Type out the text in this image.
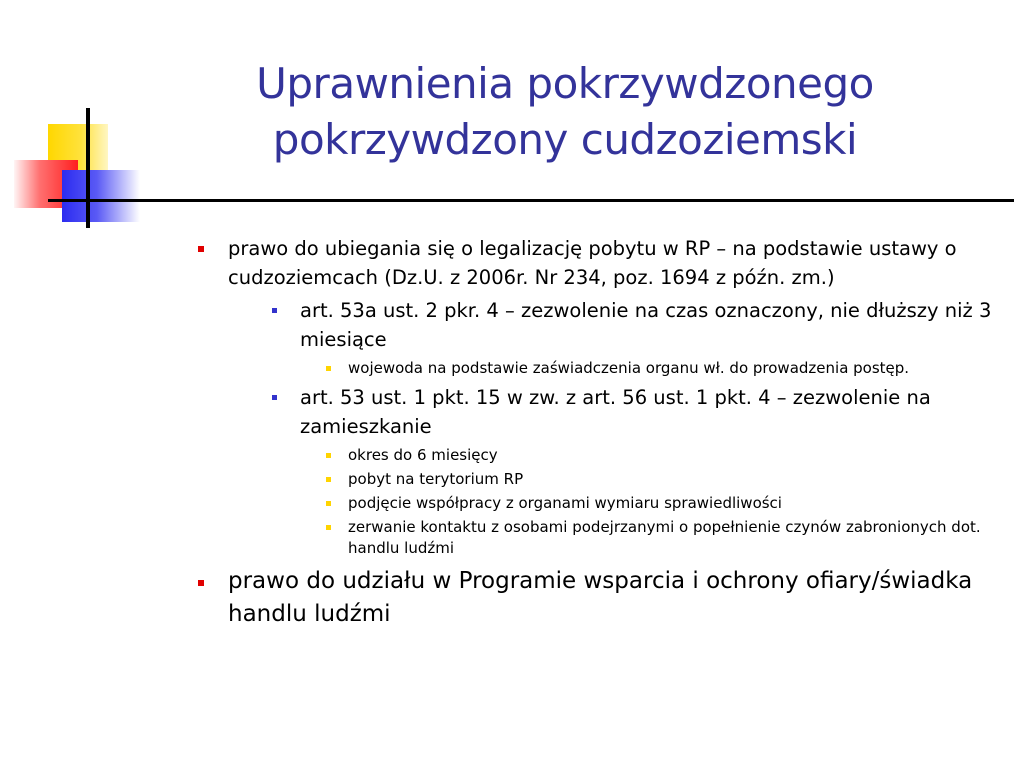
Uprawnienia pokrzywdzonego
pokrzywdzony cudzoziemski
prawo do ubiegania się o legalizację pobytu w RP – na podstawie ustawy o cudzoziemcach (Dz.U. z 2006r. Nr 234, poz. 1694 z późn. zm.)
art. 53a ust. 2 pkr. 4 – zezwolenie na czas oznaczony, nie dłuższy niż 3 miesiące
wojewoda na podstawie zaświadczenia organu wł. do prowadzenia postęp.
art. 53 ust. 1 pkt. 15 w zw. z art. 56 ust. 1 pkt. 4 – zezwolenie na zamieszkanie
okres do 6 miesięcy
pobyt na terytorium RP
podjęcie współpracy z organami wymiaru sprawiedliwości
zerwanie kontaktu z osobami podejrzanymi o popełnienie czynów zabronionych dot. handlu ludźmi
prawo do udziału w Programie wsparcia i ochrony ofiary/świadka handlu ludźmi
